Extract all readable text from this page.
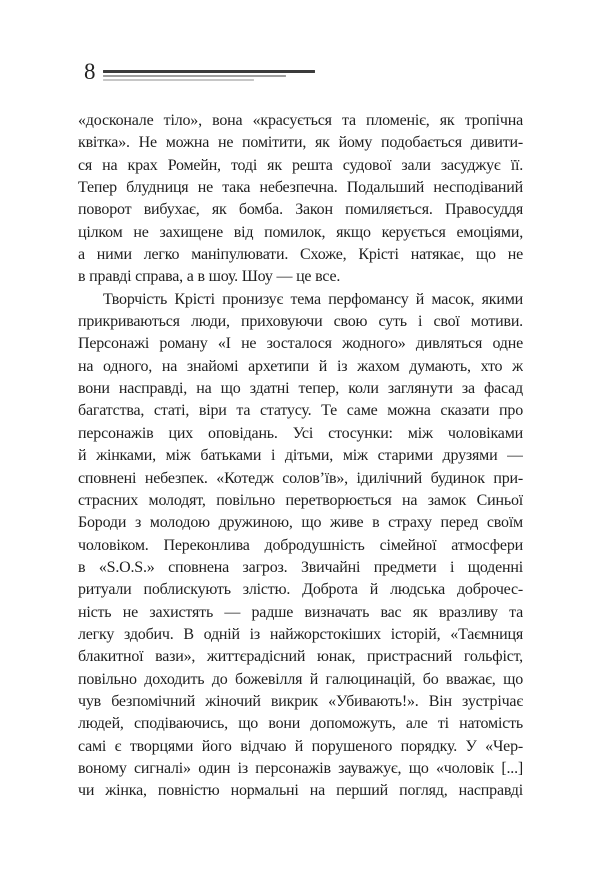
8
«досконале тіло», вона «красується та пломеніє, як тропічна
квітка». Не можна не помітити, як йому подобається дивити-
ся на крах Ромейн, тоді як решта судової зали засуджує її.
Тепер блудниця не така небезпечна. Подальший несподіваний
поворот вибухає, як бомба. Закон помиляється. Правосуддя
цілком не захищене від помилок, якщо керується емоціями,
а ними легко маніпулювати. Схоже, Крісті натякає, що не
в правді справа, а в шоу. Шоу — це все.
Творчість Крісті пронизує тема перфомансу й масок, якими
прикриваються люди, приховуючи свою суть і свої мотиви.
Персонажі роману «І не зосталося жодного» дивляться одне
на одного, на знайомі архетипи й із жахом думають, хто ж
вони насправді, на що здатні тепер, коли заглянути за фасад
багатства, статі, віри та статусу. Те саме можна сказати про
персонажів цих оповідань. Усі стосунки: між чоловіками
й жінками, між батьками і дітьми, між старими друзями —
сповнені небезпек. «Котедж солов’їв», ідилічний будинок при-
страсних молодят, повільно перетворюється на замок Синьої
Бороди з молодою дружиною, що живе в страху перед своїм
чоловіком. Переконлива добродушність сімейної атмосфери
в «S.O.S.» сповнена загроз. Звичайні предмети і щоденні
ритуали поблискують злістю. Доброта й людська доброчес-
ність не захистять — радше визначать вас як вразливу та
легку здобич. В одній із найжорстокіших історій, «Таємниця
блакитної вази», життєрадісний юнак, пристрасний гольфіст,
повільно доходить до божевілля й галюцинацій, бо вважає, що
чув безпомічний жіночий викрик «Убивають!». Він зустрічає
людей, сподіваючись, що вони допоможуть, але ті натомість
самі є творцями його відчаю й порушеного порядку. У «Чер-
воному сигналі» один із персонажів зауважує, що «чоловік [...]
чи жінка, повністю нормальні на перший погляд, насправді
